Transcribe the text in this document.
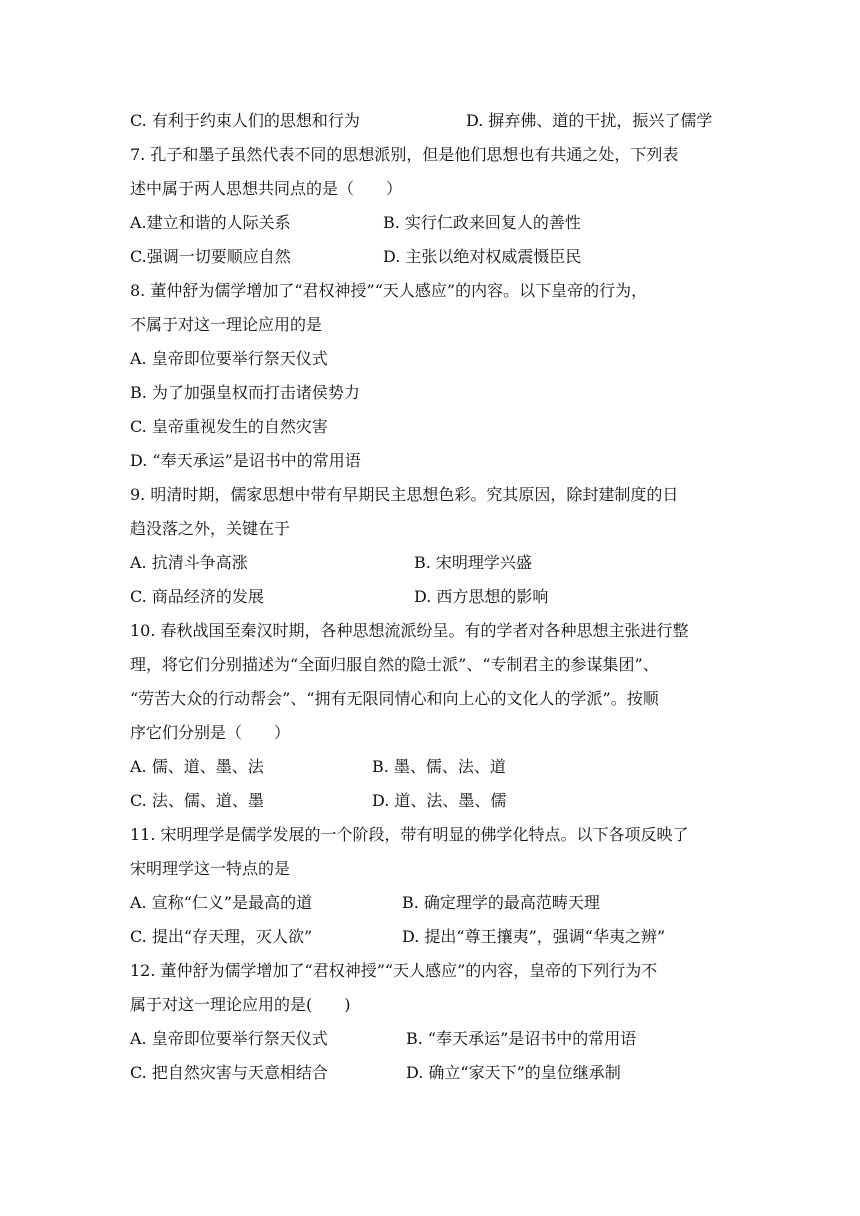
C. 有利于约束人们的思想和行为	D. 摒弃佛、道的干扰，振兴了儒学
7. 孔子和墨子虽然代表不同的思想派别，但是他们思想也有共通之处，下列表
述中属于两人思想共同点的是（　　）
A.建立和谐的人际关系	B. 实行仁政来回复人的善性
C.强调一切要顺应自然	D. 主张以绝对权威震慑臣民
8. 董仲舒为儒学增加了“君权神授”“天人感应”的内容。以下皇帝的行为，
不属于对这一理论应用的是
A. 皇帝即位要举行祭天仪式
B. 为了加强皇权而打击诸侯势力
C. 皇帝重视发生的自然灾害
D. “奉天承运”是诏书中的常用语
9. 明清时期，儒家思想中带有早期民主思想色彩。究其原因，除封建制度的日
趋没落之外，关键在于
A. 抗清斗争高涨	B. 宋明理学兴盛
C. 商品经济的发展	D. 西方思想的影响
10. 春秋战国至秦汉时期，各种思想流派纷呈。有的学者对各种思想主张进行整
理，将它们分别描述为“全面归服自然的隐士派”、“专制君主的参谋集团”、
“劳苦大众的行动帮会”、“拥有无限同情心和向上心的文化人的学派”。按顺
序它们分别是（　　）
A. 儒、道、墨、法	B. 墨、儒、法、道
C. 法、儒、道、墨	D. 道、法、墨、儒
11. 宋明理学是儒学发展的一个阶段，带有明显的佛学化特点。以下各项反映了
宋明理学这一特点的是
A. 宣称“仁义”是最高的道	B. 确定理学的最高范畴天理
C. 提出“存天理，灭人欲”	D. 提出“尊王攘夷”，强调“华夷之辨”
12. 董仲舒为儒学增加了“君权神授”“天人感应”的内容，皇帝的下列行为不
属于对这一理论应用的是(　　)
A. 皇帝即位要举行祭天仪式	B. “奉天承运”是诏书中的常用语
C. 把自然灾害与天意相结合	D. 确立“家天下”的皇位继承制
